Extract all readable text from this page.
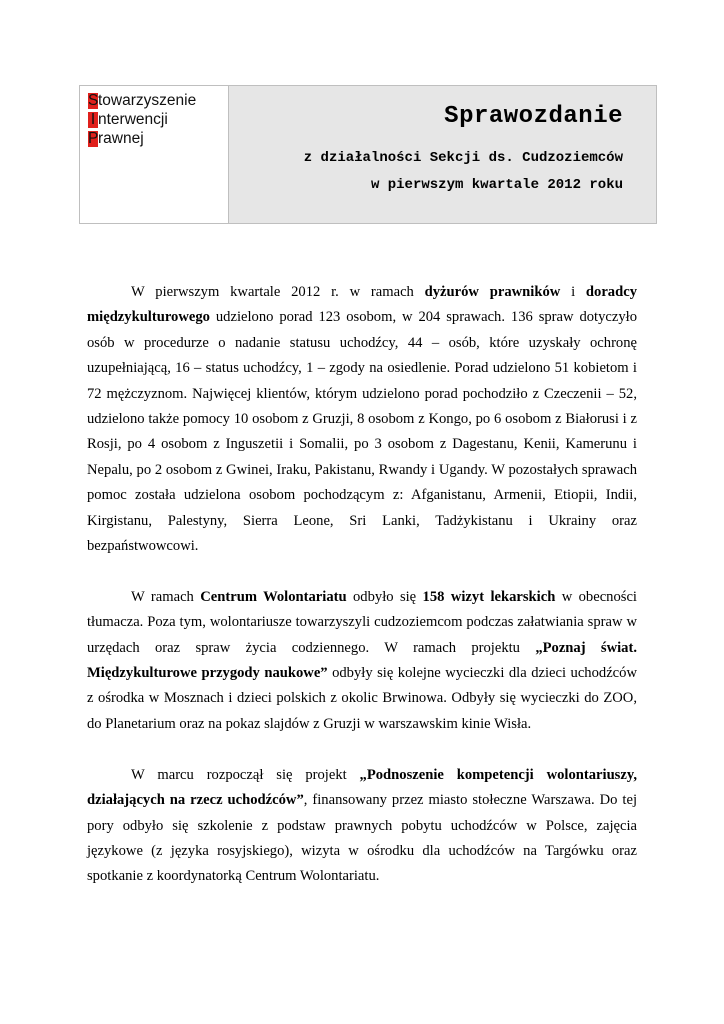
Stowarzyszenie
I nterwencji
Prawnej
Sprawozdanie
z działalności Sekcji ds. Cudzoziemców
w pierwszym kwartale 2012 roku

W pierwszym kwartale 2012 r. w ramach dyżurów prawników i doradcy międzykulturowego udzielono porad 123 osobom, w 204 sprawach. 136 spraw dotyczyło osób w procedurze o nadanie statusu uchodźcy, 44 – osób, które uzyskały ochronę uzupełniającą, 16 – status uchodźcy, 1 – zgody na osiedlenie. Porad udzielono 51 kobietom i 72 mężczyznom. Najwięcej klientów, którym udzielono porad pochodziło z Czeczenii – 52, udzielono także pomocy 10 osobom z Gruzji, 8 osobom z Kongo, po 6 osobom z Białorusi i z Rosji, po 4 osobom z Inguszetii i Somalii, po 3 osobom z Dagestanu, Kenii, Kamerunu i Nepalu, po 2 osobom z Gwinei, Iraku, Pakistanu, Rwandy i Ugandy. W pozostałych sprawach pomoc została udzielona osobom pochodzącym z: Afganistanu, Armenii, Etiopii, Indii, Kirgistanu, Palestyny, Sierra Leone, Sri Lanki, Tadżykistanu i Ukrainy oraz bezpaństwowcowi.

W ramach Centrum Wolontariatu odbyło się 158 wizyt lekarskich w obecności tłumacza. Poza tym, wolontariusze towarzyszyli cudzoziemcom podczas załatwiania spraw w urzędach oraz spraw życia codziennego. W ramach projektu „Poznaj świat. Międzykulturowe przygody naukowe” odbyły się kolejne wycieczki dla dzieci uchodźców z ośrodka w Mosznach i dzieci polskich z okolic Brwinowa. Odbyły się wycieczki do ZOO, do Planetarium oraz na pokaz slajdów z Gruzji w warszawskim kinie Wisła.

W marcu rozpoczął się projekt „Podnoszenie kompetencji wolontariuszy, działających na rzecz uchodźców”, finansowany przez miasto stołeczne Warszawa. Do tej pory odbyło się szkolenie z podstaw prawnych pobytu uchodźców w Polsce, zajęcia językowe (z języka rosyjskiego), wizyta w ośrodku dla uchodźców na Targówku oraz spotkanie z koordynatorką Centrum Wolontariatu.
